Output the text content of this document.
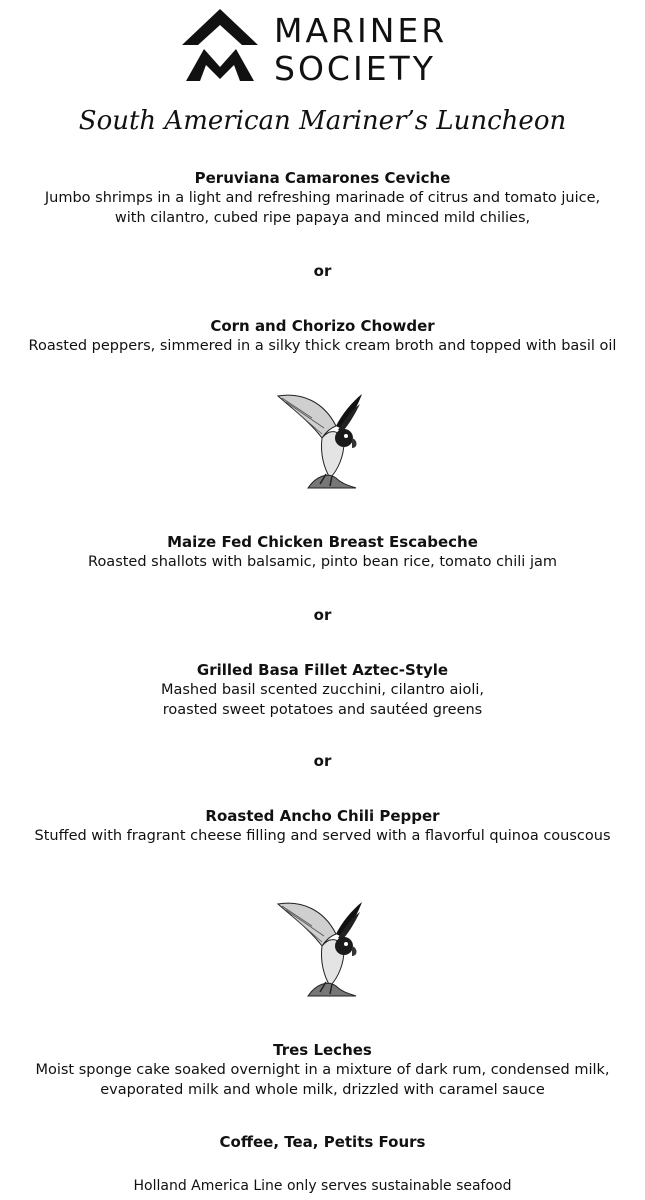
MARINER
SOCIETY
South American Mariner’s Luncheon
Peruviana Camarones Ceviche
Jumbo shrimps in a light and refreshing marinade of citrus and tomato juice, with cilantro, cubed ripe papaya and minced mild chilies,
or
Corn and Chorizo Chowder
Roasted peppers, simmered in a silky thick cream broth and topped with basil oil
Maize Fed Chicken Breast Escabeche
Roasted shallots with balsamic, pinto bean rice, tomato chili jam
or
Grilled Basa Fillet Aztec-Style
Mashed basil scented zucchini, cilantro aioli,
roasted sweet potatoes and sautéed greens
or
Roasted Ancho Chili Pepper
Stuffed with fragrant cheese filling and served with a flavorful quinoa couscous
Tres Leches
Moist sponge cake soaked overnight in a mixture of dark rum, condensed milk,
evaporated milk and whole milk, drizzled with caramel sauce
Coffee, Tea, Petits Fours
Holland America Line only serves sustainable seafood
